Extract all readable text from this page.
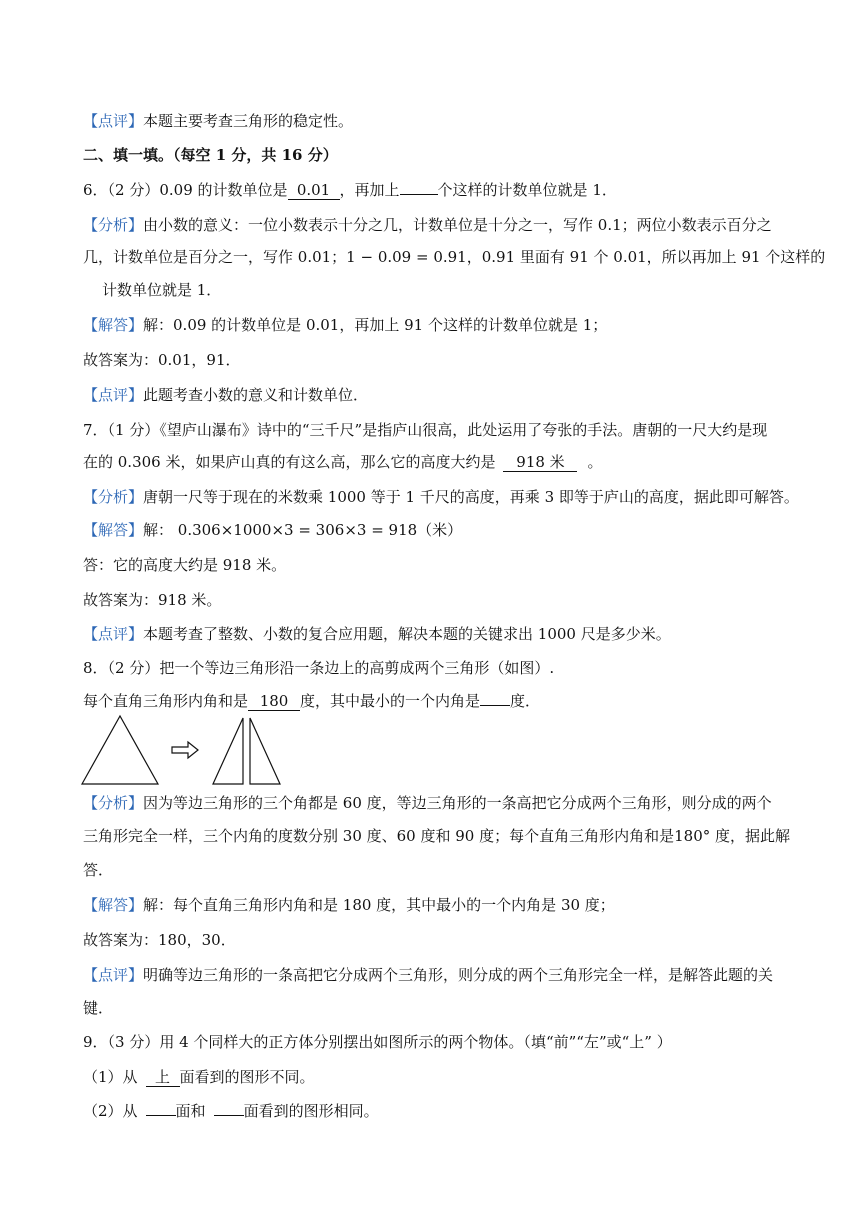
【点评】本题主要考查三角形的稳定性。
二、填一填。（每空 1 分，共 16 分）
6．（2 分）0.09 的计数单位是 0.01 ，再加上	个这样的计数单位就是 1．
【分析】由小数的意义：一位小数表示十分之几，计数单位是十分之一，写作 0.1；两位小数表示百分之
几，计数单位是百分之一，写作 0.01；1 − 0.09 = 0.91，0.91 里面有 91 个 0.01，所以再加上 91 个这样的
计数单位就是 1．
【解答】解：0.09 的计数单位是 0.01，再加上 91 个这样的计数单位就是 1；
故答案为：0.01，91．
【点评】此题考查小数的意义和计数单位．
7．（1 分）《望庐山瀑布》诗中的“三千尺”是指庐山很高，此处运用了夸张的手法。唐朝的一尺大约是现
在的 0.306 米，如果庐山真的有这么高，那么它的高度大约是 918 米 。
【分析】唐朝一尺等于现在的米数乘 1000 等于 1 千尺的高度，再乘 3 即等于庐山的高度，据此即可解答。
【解答】解： 0.306×1000×3 = 306×3 = 918（米）
答：它的高度大约是 918 米。
故答案为：918 米。
【点评】本题考查了整数、小数的复合应用题，解决本题的关键求出 1000 尺是多少米。
8．（2 分）把一个等边三角形沿一条边上的高剪成两个三角形（如图）.
每个直角三角形内角和是 180 度，其中最小的一个内角是 度．
【分析】因为等边三角形的三个角都是 60 度，等边三角形的一条高把它分成两个三角形，则分成的两个
三角形完全一样，三个内角的度数分别 30 度、60 度和 90 度；每个直角三角形内角和是180° 度，据此解
答．
【解答】解：每个直角三角形内角和是 180 度，其中最小的一个内角是 30 度；
故答案为：180，30．
【点评】明确等边三角形的一条高把它分成两个三角形，则分成的两个三角形完全一样，是解答此题的关
键．
9．（3 分）用 4 个同样大的正方体分别摆出如图所示的两个物体。（填“前”“左”或“上” ）
（1）从 上 面看到的图形不同。
（2）从	面和	面看到的图形相同。
